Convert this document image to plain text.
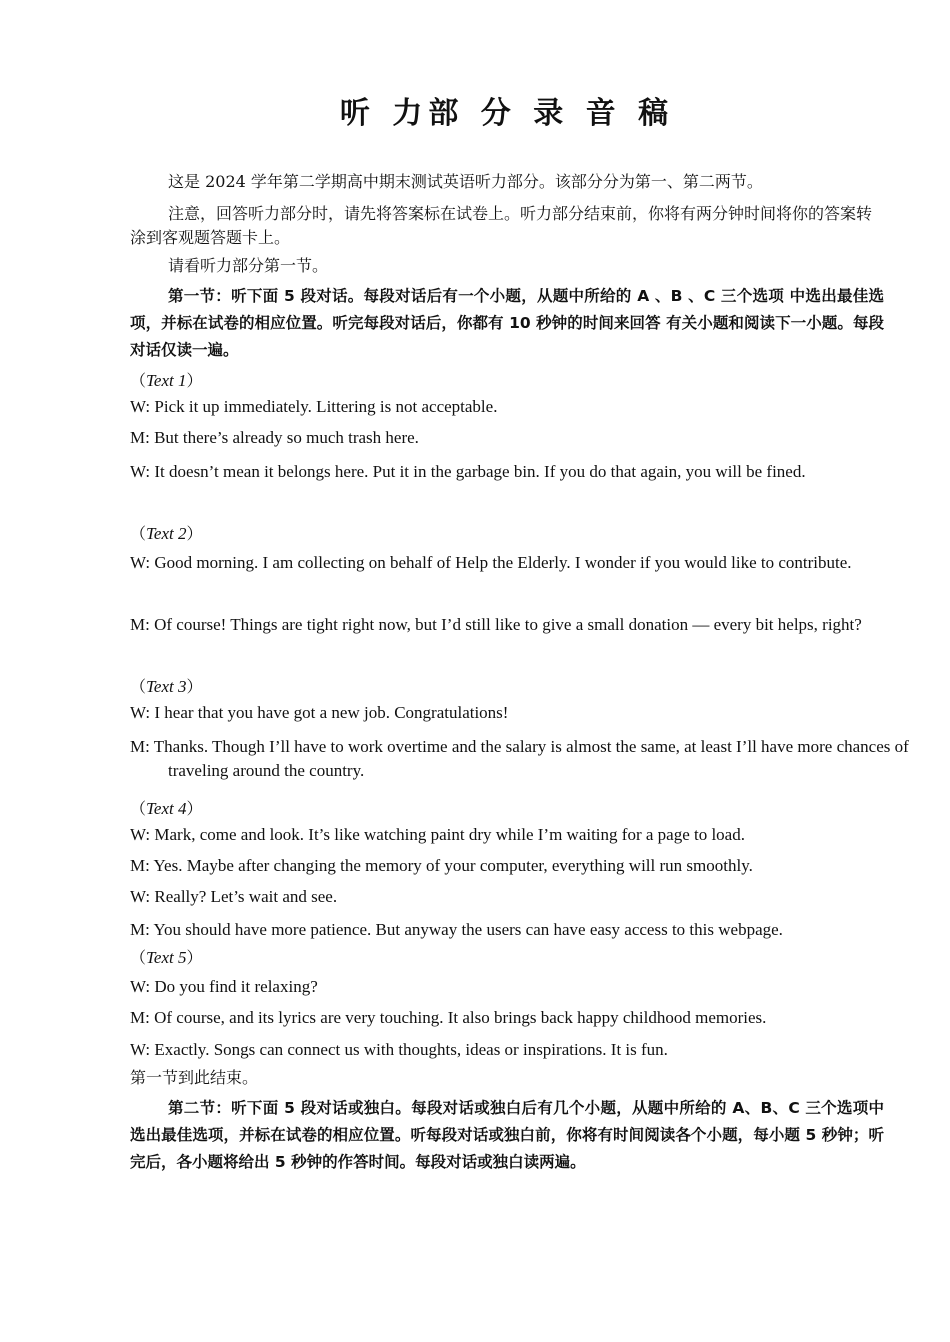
听 力部 分 录 音 稿

这是 2024 学年第二学期高中期末测试英语听力部分。该部分分为第一、第二两节。

注意，回答听力部分时，请先将答案标在试卷上。听力部分结束前，你将有两分钟时间将你的答案转涂到客观题答题卡上。

请看听力部分第一节。

第一节：听下面 5 段对话。每段对话后有一个小题，从题中所给的 A 、B 、C 三个选项 中选出最佳选项，并标在试卷的相应位置。听完每段对话后，你都有 10 秒钟的时间来回答 有关小题和阅读下一小题。每段对话仅读一遍。

（Text 1）

W: Pick it up immediately. Littering is not acceptable.

M: But there’s already so much trash here.

W: It doesn’t mean it belongs here. Put it in the garbage bin. If you do that again, you will be fined.

（Text 2）

W: Good morning. I am collecting on behalf of Help the Elderly. I wonder if you would like to contribute.

M: Of course! Things are tight right now, but I’d still like to give a small donation — every bit helps, right?

（Text 3）

W: I hear that you have got a new job. Congratulations!

M: Thanks. Though I’ll have to work overtime and the salary is almost the same, at least I’ll have more chances of traveling around the country.

（Text 4）

W: Mark, come and look. It’s like watching paint dry while I’m waiting for a page to load.

M: Yes. Maybe after changing the memory of your computer, everything will run smoothly.

W: Really? Let’s wait and see.

M: You should have more patience. But anyway the users can have easy access to this webpage.

（Text 5）

W: Do you find it relaxing?

M: Of course, and its lyrics are very touching. It also brings back happy childhood memories.

W: Exactly. Songs can connect us with thoughts, ideas or inspirations. It is fun.

第一节到此结束。

第二节：听下面 5 段对话或独白。每段对话或独白后有几个小题，从题中所给的 A、B、C 三个选项中选出最佳选项，并标在试卷的相应位置。听每段对话或独白前，你将有时间阅读各个小题，每小题 5 秒钟；听完后，各小题将给出 5 秒钟的作答时间。每段对话或独白读两遍。
